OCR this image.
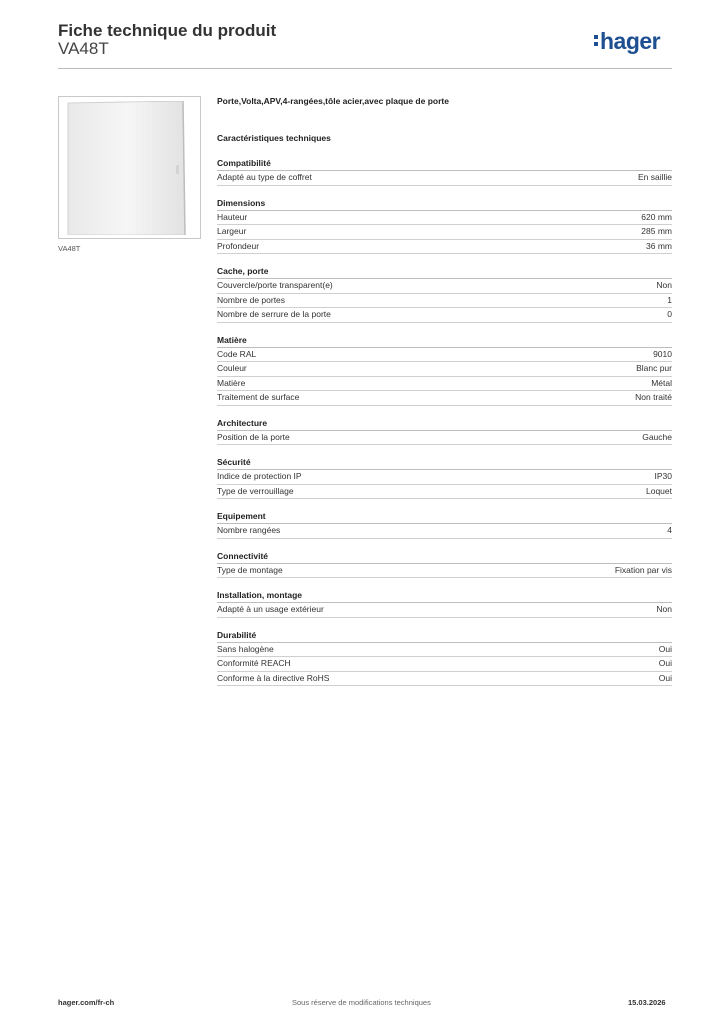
Fiche technique du produit
VA48T	hager
VA48T
Porte,Volta,APV,4-rangées,tôle acier,avec plaque de porte
Caractéristiques techniques
Compatibilité
Adapté au type de coffret	En saillie
Dimensions
Hauteur	620 mm
Largeur	285 mm
Profondeur	36 mm
Cache, porte
Couvercle/porte transparent(e)	Non
Nombre de portes	1
Nombre de serrure de la porte	0
Matière
Code RAL	9010
Couleur	Blanc pur
Matière	Métal
Traitement de surface	Non traité
Architecture
Position de la porte	Gauche
Sécurité
Indice de protection IP	IP30
Type de verrouillage	Loquet
Equipement
Nombre rangées	4
Connectivité
Type de montage	Fixation par vis
Installation, montage
Adapté à un usage extérieur	Non
Durabilité
Sans halogène	Oui
Conformité REACH	Oui
Conforme à la directive RoHS	Oui
hager.com/fr-ch	Sous réserve de modifications techniques	15.03.2026
